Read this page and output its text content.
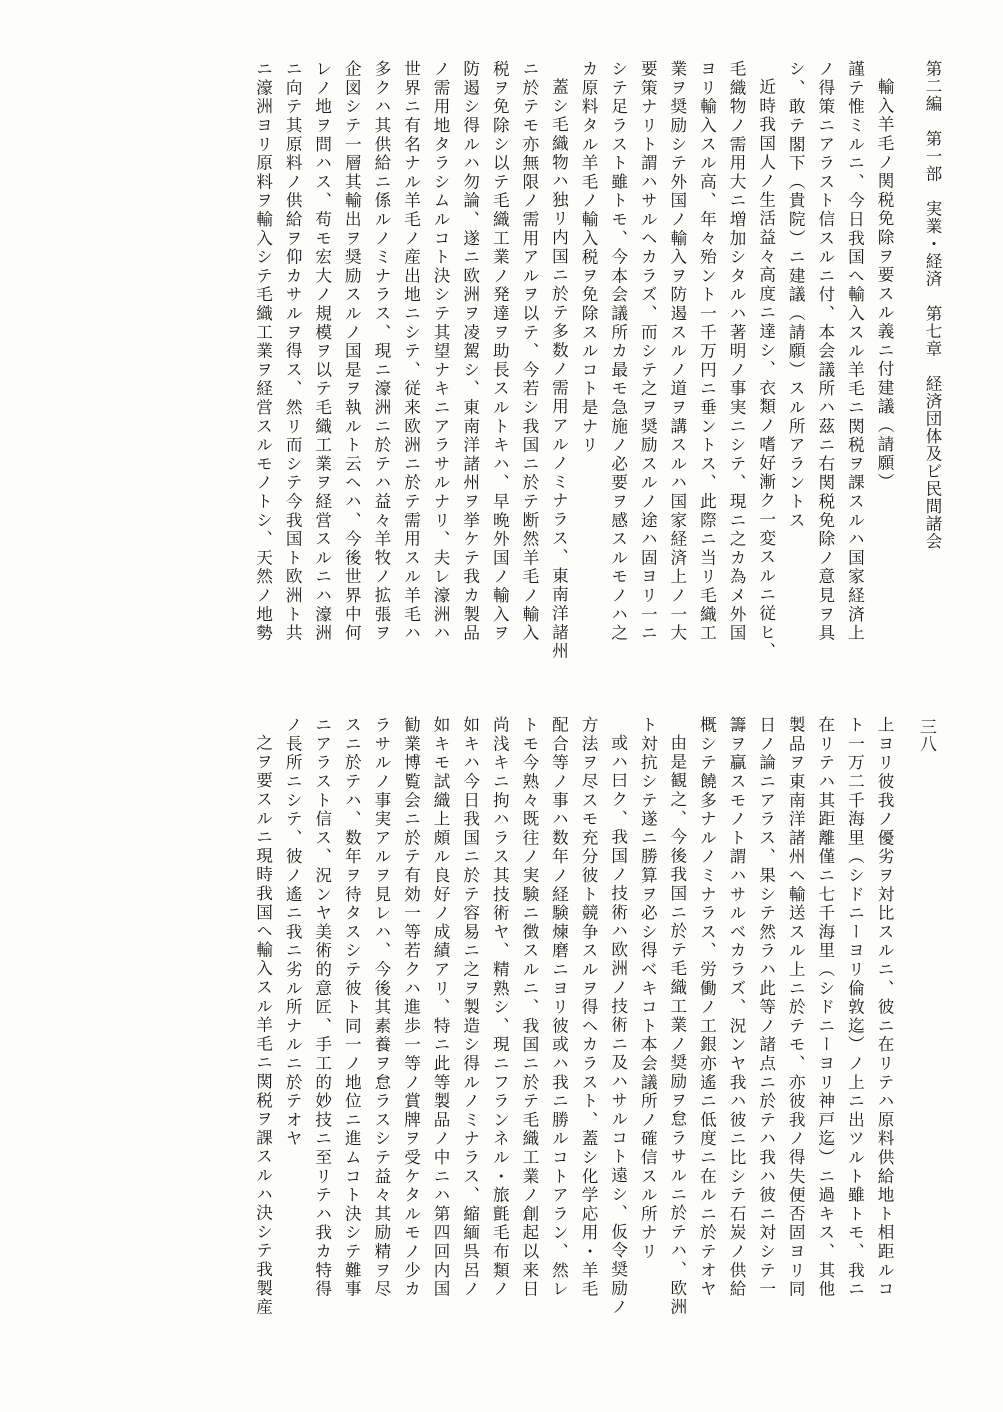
第二編　第一部　実業・経済　第七章　経済団体及ビ民間諸会
三八
輸入羊毛ノ関税免除ヲ要スル義ニ付建議（請願）
謹テ惟ミルニ、今日我国へ輸入スル羊毛ニ関税ヲ課スルハ国家経済上
ノ得策ニアラスト信スルニ付、本会議所ハ茲ニ右関税免除ノ意見ヲ具
シ、敢テ閣下（貴院）ニ建議（請願）スル所アラントス
近時我国人ノ生活益々高度ニ達シ、衣類ノ嗜好漸ク一変スルニ従ヒ、
毛織物ノ需用大ニ増加シタルハ著明ノ事実ニシテ、現ニ之カ為メ外国
ヨリ輸入スル高、年々殆ント一千万円ニ垂ントス、此際ニ当リ毛織工
業ヲ奨励シテ外国ノ輸入ヲ防遏スルノ道ヲ講スルハ国家経済上ノ一大
要策ナリト謂ハサルヘカラズ、而シテ之ヲ奨励スルノ途ハ固ヨリ一ニ
シテ足ラスト雖トモ、今本会議所カ最モ急施ノ必要ヲ感スルモノハ之
カ原料タル羊毛ノ輸入税ヲ免除スルコト是ナリ
蓋シ毛織物ハ独リ内国ニ於テ多数ノ需用アルノミナラス、東南洋諸州
ニ於テモ亦無限ノ需用アルヲ以テ、今若シ我国ニ於テ断然羊毛ノ輸入
税ヲ免除シ以テ毛織工業ノ発達ヲ助長スルトキハ、早晩外国ノ輸入ヲ
防遏シ得ルハ勿論、遂ニ欧洲ヲ凌駕シ、東南洋諸州ヲ挙ケテ我カ製品
ノ需用地タラシムルコト決シテ其望ナキニアラサルナリ、夫レ濠洲ハ
世界ニ有名ナル羊毛ノ産出地ニシテ、従来欧洲ニ於テ需用スル羊毛ハ
多クハ其供給ニ係ルノミナラス、現ニ濠洲ニ於テハ益々羊牧ノ拡張ヲ
企図シテ一層其輸出ヲ奨励スルノ国是ヲ執ルト云ヘハ、今後世界中何
レノ地ヲ問ハス、苟モ宏大ノ規模ヲ以テ毛織工業ヲ経営スルニハ濠洲
ニ向テ其原料ノ供給ヲ仰カサルヲ得ス、然リ而シテ今我国ト欧洲ト共
ニ濠洲ヨリ原料ヲ輸入シテ毛織工業ヲ経営スルモノトシ、天然ノ地勢
上ヨリ彼我ノ優劣ヲ対比スルニ、彼ニ在リテハ原料供給地ト相距ルコ
ト一万二千海里（シドニーヨリ倫敦迄）ノ上ニ出ツルト雖トモ、我ニ
在リテハ其距離僅ニ七千海里（シドニーヨリ神戸迄）ニ過キス、其他
製品ヲ東南洋諸州ヘ輸送スル上ニ於テモ、亦彼我ノ得失便否固ヨリ同
日ノ論ニアラス、果シテ然ラハ此等ノ諸点ニ於テハ我ハ彼ニ対シテ一
籌ヲ贏スモノト謂ハサルベカラズ、況ンヤ我ハ彼ニ比シテ石炭ノ供給
概シテ饒多ナルノミナラス、労働ノ工銀亦遙ニ低度ニ在ルニ於テオヤ
由是観之、今後我国ニ於テ毛織工業ノ奨励ヲ怠ラサルニ於テハ、欧洲
ト対抗シテ遂ニ勝算ヲ必シ得ベキコト本会議所ノ確信スル所ナリ
或ハ曰ク、我国ノ技術ハ欧洲ノ技術ニ及ハサルコト遠シ、仮令奨励ノ
方法ヲ尽スモ充分彼ト競争スルヲ得ヘカラスト、蓋シ化学応用・羊毛
配合等ノ事ハ数年ノ経験煉磨ニヨリ彼或ハ我ニ勝ルコトアラン、然レ
トモ今熟々既往ノ実験ニ徴スルニ、我国ニ於テ毛織工業ノ創起以来日
尚浅キニ拘ハラス其技術ヤ、精熟シ、現ニフランネル・旅氈毛布類ノ
如キハ今日我国ニ於テ容易ニ之ヲ製造シ得ルノミナラス、縮緬呉呂ノ
如キモ試織上頗ル良好ノ成績アリ、特ニ此等製品ノ中ニハ第四回内国
勧業博覧会ニ於テ有効一等若クハ進歩一等ノ賞牌ヲ受ケタルモノ少カ
ラサルノ事実アルヲ見レハ、今後其素養ヲ怠ラスシテ益々其励精ヲ尽
スニ於テハ、数年ヲ待タスシテ彼ト同一ノ地位ニ進ムコト決シテ難事
ニアラスト信ス、況ンヤ美術的意匠、手工的妙技ニ至リテハ我カ特得
ノ長所ニシテ、彼ノ遙ニ我ニ劣ル所ナルニ於テオヤ
之ヲ要スルニ現時我国ヘ輸入スル羊毛ニ関税ヲ課スルハ決シテ我製産
